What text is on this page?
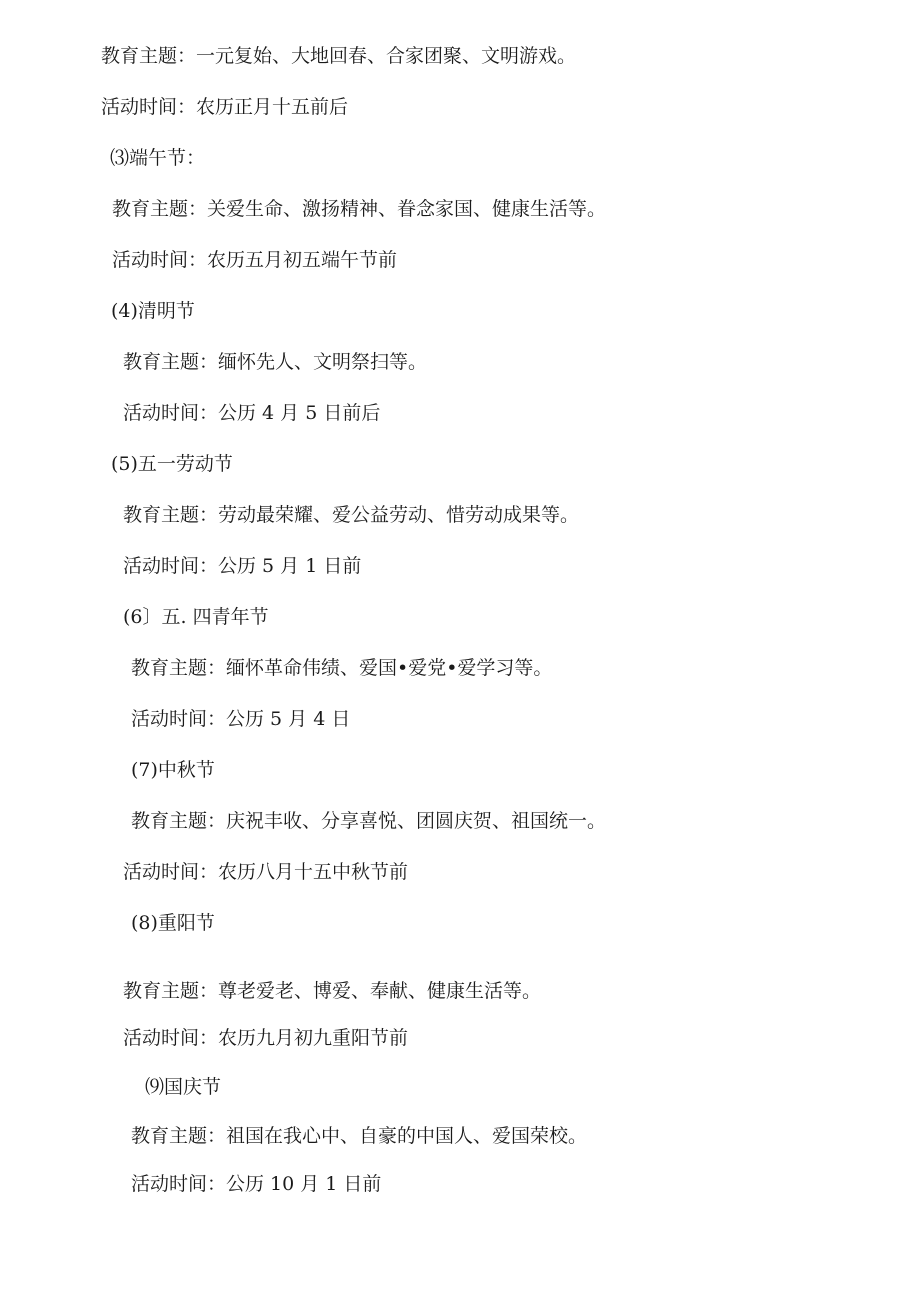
教育主题：一元复始、大地回春、合家团聚、文明游戏。
活动时间：农历正月十五前后
⑶端午节：
教育主题：关爱生命、激扬精神、眷念家国、健康生活等。
活动时间：农历五月初五端午节前
(4)清明节
教育主题：缅怀先人、文明祭扫等。
活动时间：公历 4 月 5 日前后
(5)五一劳动节
教育主题：劳动最荣耀、爱公益劳动、惜劳动成果等。
活动时间：公历 5 月 1 日前
(6〕五. 四青年节
教育主题：缅怀革命伟绩、爱国•爱党•爱学习等。
活动时间：公历 5 月 4 日
(7)中秋节
教育主题：庆祝丰收、分享喜悦、团圆庆贺、祖国统一。
活动时间：农历八月十五中秋节前
(8)重阳节
教育主题：尊老爱老、博爱、奉献、健康生活等。
活动时间：农历九月初九重阳节前
⑼国庆节
教育主题：祖国在我心中、自豪的中国人、爱国荣校。
活动时间：公历 10 月 1 日前
